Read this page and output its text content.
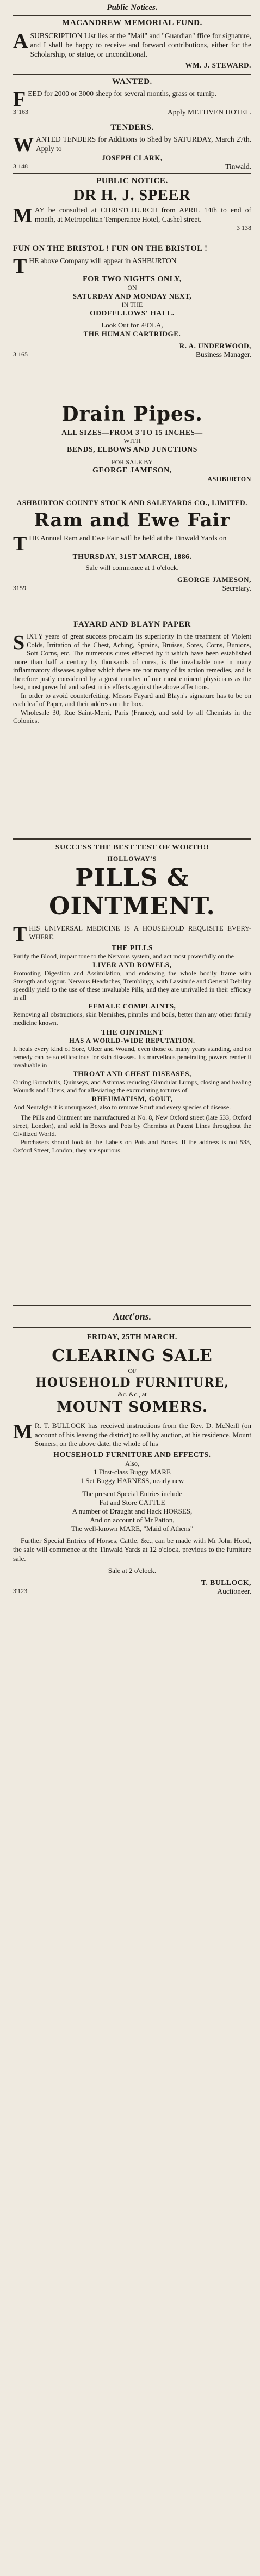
Public Notices.
MACANDREW MEMORIAL FUND.
ASUBSCRIPTION List lies at the "Mail" and "Guardian" ffice for signature, and I shall be happy to receive and forward contributions, either for the Scholarship, or statue, or unconditional.
WM. J. STEWARD.
WANTED.
FEED for 2000 or 3000 sheep for several months, grass or turnip.
3ʻ163	Apply METHVEN HOTEL.
TENDERS.
WANTED TENDERS for Additions to Shed by SATURDAY, March 27th. Apply to
JOSEPH CLARK,
3 148	Tinwald.
PUBLIC NOTICE.
DR H. J. SPEER
MAY be consulted at CHRISTCHURCH from APRIL 14th to end of month, at Metropolitan Temperance Hotel, Cashel street.
3 138
FUN ON THE BRISTOL ! FUN ON THE BRISTOL !
THE above Company will appear in ASHBURTON
FOR TWO NIGHTS ONLY,
ON
SATURDAY AND MONDAY NEXT,
IN THE
ODDFELLOWS' HALL.
Look Out for ÆOLA,
THE HUMAN CARTRIDGE.
R. A. UNDERWOOD,
3 165	Business Manager.
Drain Pipes.
ALL SIZES—FROM 3 TO 15 INCHES—
WITH
BENDS, ELBOWS AND JUNCTIONS
FOR SALE BY
GEORGE JAMESON,
ASHBURTON
ASHBURTON COUNTY STOCK AND SALEYARDS CO., LIMITED.
Ram and Ewe Fair
THE Annual Ram and Ewe Fair will be held at the Tinwald Yards on
THURSDAY, 31ST MARCH, 1886.
Sale will commence at 1 o'clock.
GEORGE JAMESON,
3159	Secretary.
FAYARD AND BLAYN PAPER
SIXTY years of great success proclaim its superiority in the treatment of Violent Colds, Irritation of the Chest, Aching, Sprains, Bruises, Sores, Corns, Bunions, Soft Corns, etc. The numerous cures effected by it which have been established more than half a century by thousands of cures, is the invaluable one in many inflammatory diseases against which there are not many of its action remedies, and is therefore justly considered by a great number of our most eminent physicians as the best, most powerful and safest in its effects against the above affections.
In order to avoid counterfeiting, Messrs Fayard and Blayn's signature has to be on each leaf of Paper, and their address on the box.
Wholesale 30, Rue Saint-Merri, Paris (France), and sold by all Chemists in the Colonies.
SUCCESS THE BEST TEST OF WORTH!!
HOLLOWAY'S
PILLS & OINTMENT.
THIS UNIVERSAL MEDICINE IS A HOUSEHOLD REQUISITE EVERY-WHERE.
THE PILLS
Purify the Blood, impart tone to the Nervous system, and act most powerfully on the
LIVER AND BOWELS,
Promoting Digestion and Assimilation, and endowing the whole bodily frame with Strength and vigour. Nervous Headaches, Tremblings, with Lassitude and General Debility speedily yield to the use of these invaluable Pills, and they are unrivalled in their efficacy in all
FEMALE COMPLAINTS,
Removing all obstructions, skin blemishes, pimples and boils, better than any other family medicine known.
THE OINTMENT
HAS A WORLD-WIDE REPUTATION.
It heals every kind of Sore, Ulcer and Wound, even those of many years standing, and no remedy can be so efficacious for skin diseases. Its marvellous penetrating powers render it invaluable in
THROAT AND CHEST DISEASES,
Curing Bronchitis, Quinseys, and Asthmas reducing Glandular Lumps, closing and healing Wounds and Ulcers, and for alleviating the excruciating tortures of
RHEUMATISM, GOUT,
And Neuralgia it is unsurpassed, also to remove Scurf and every species of disease.
The Pills and Ointment are manufactured at No. 8, New Oxford street (late 533, Oxford street, London), and sold in Boxes and Pots by Chemists at Patent Lines throughout the Civilized World.
Purchasers should look to the Labels on Pots and Boxes. If the address is not 533, Oxford Street, London, they are spurious.
Auct'ons.
FRIDAY, 25TH MARCH.
CLEARING SALE
OF
HOUSEHOLD FURNITURE,
&c. &c., at
MOUNT SOMERS.
M R. T. BULLOCK has received instructions from the Rev. D. McNeill (on account of his leaving the district) to sell by auction, at his residence, Mount Somers, on the above date, the whole of his
HOUSEHOLD FURNITURE AND EFFECTS.
Also,
1 First-class Buggy MARE
1 Set Buggy HARNESS, nearly new
The present Special Entries include
Fat and Store CATTLE
A number of Draught and Hack HORSES,
And on account of Mr Patton,
The well-known MARE, "Maid of Athens"
Further Special Entries of Horses, Cattle, &c., can be made with Mr John Hood, the sale will commence at the Tinwald Yards at 12 o'clock, previous to the furniture sale.
Sale at 2 o'clock.
T. BULLOCK,
3'123	Auctioneer.
